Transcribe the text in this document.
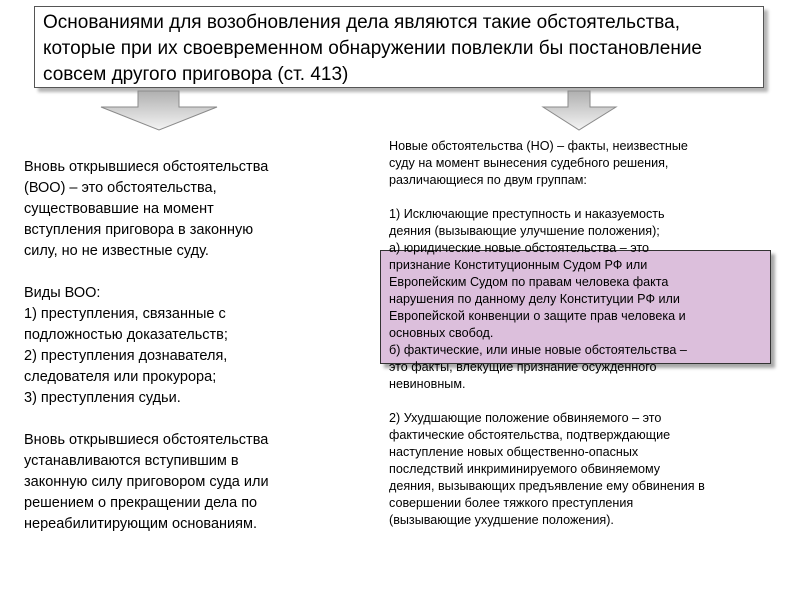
Основаниями для возобновления дела являются такие обстоятельства,
которые при их своевременном обнаружении повлекли бы постановление
совсем другого приговора (ст. 413)
Вновь открывшиеся обстоятельства
(ВОО) – это обстоятельства,
существовавшие на момент
вступления приговора в законную
силу, но не известные суду.
Виды ВОО:
1) преступления, связанные с
подложностью доказательств;
2) преступления дознавателя,
следователя или прокурора;
3) преступления судьи.
Вновь открывшиеся обстоятельства
устанавливаются вступившим в
законную силу приговором суда или
решением о прекращении дела по
нереабилитирующим основаниям.
Новые обстоятельства (НО) – факты, неизвестные
суду на момент вынесения судебного решения,
различающиеся по двум группам:
1) Исключающие преступность и наказуемость
деяния (вызывающие улучшение положения);
а) юридические новые обстоятельства – это
признание Конституционным Судом РФ или
Европейским Судом по правам человека факта
нарушения по данному делу Конституции РФ или
Европейской конвенции о защите прав человека и
основных свобод.
б) фактические, или иные новые обстоятельства –
это факты, влекущие признание осужденного
невиновным.
2) Ухудшающие положение обвиняемого – это
фактические обстоятельства, подтверждающие
наступление новых общественно-опасных
последствий инкриминируемого обвиняемому
деяния, вызывающих предъявление ему обвинения в
совершении более тяжкого преступления
(вызывающие ухудшение положения).
